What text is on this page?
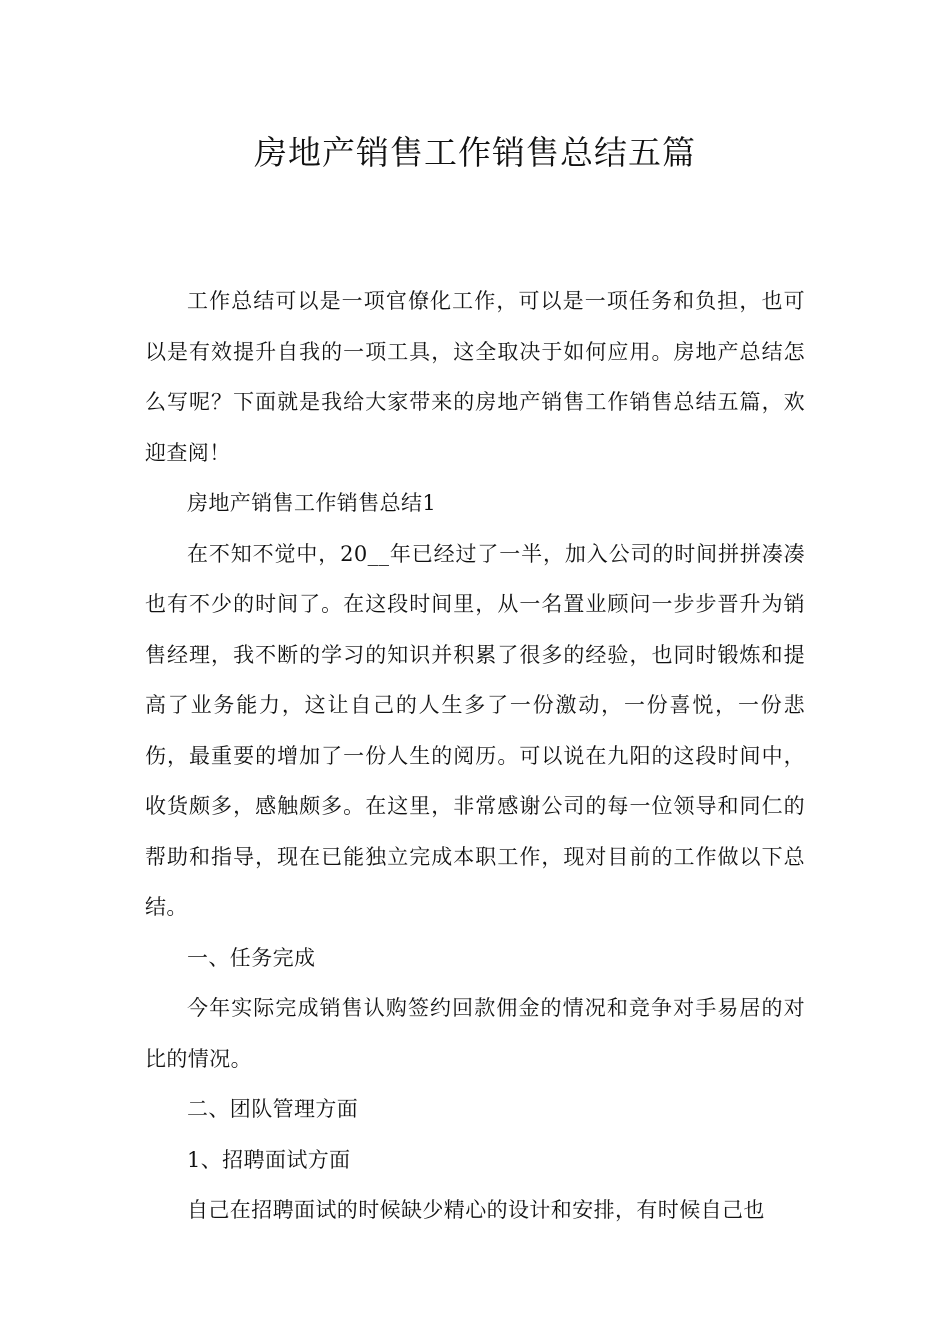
房地产销售工作销售总结五篇

工作总结可以是一项官僚化工作，可以是一项任务和负担，也可以是有效提升自我的一项工具，这全取决于如何应用。房地产总结怎么写呢？下面就是我给大家带来的房地产销售工作销售总结五篇，欢迎查阅！

房地产销售工作销售总结1

在不知不觉中，20__年已经过了一半，加入公司的时间拼拼凑凑也有不少的时间了。在这段时间里，从一名置业顾问一步步晋升为销售经理，我不断的学习的知识并积累了很多的经验，也同时锻炼和提高了业务能力，这让自己的人生多了一份激动，一份喜悦，一份悲伤，最重要的增加了一份人生的阅历。可以说在九阳的这段时间中，收货颇多，感触颇多。在这里，非常感谢公司的每一位领导和同仁的帮助和指导，现在已能独立完成本职工作，现对目前的工作做以下总结。

一、任务完成

今年实际完成销售认购签约回款佣金的情况和竞争对手易居的对比的情况。

二、团队管理方面

1、招聘面试方面

自己在招聘面试的时候缺少精心的设计和安排，有时候自己也
